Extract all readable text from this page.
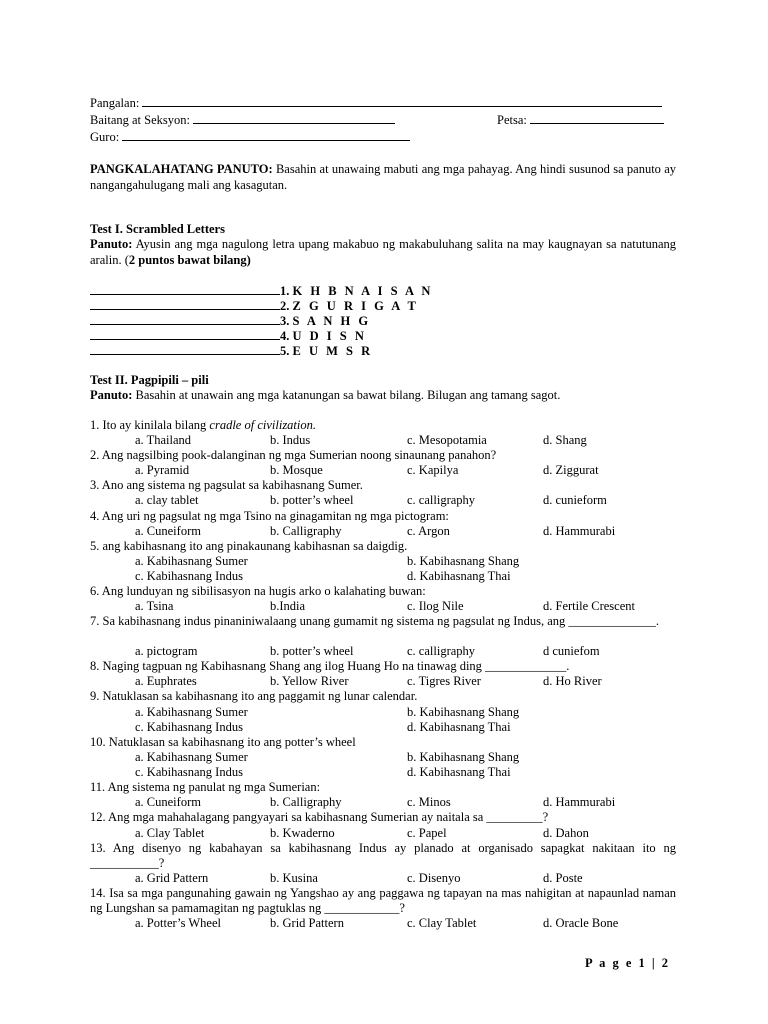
Pangalan:
Baitang at Seksyon:	Petsa:
Guro:
PANGKALAHATANG PANUTO: Basahin at unawaing mabuti ang mga pahayag. Ang hindi susunod sa panuto ay nangangahulugang mali ang kasagutan.
Test I. Scrambled Letters
Panuto: Ayusin ang mga nagulong letra upang makabuo ng makabuluhang salita na may kaugnayan sa natutunang aralin. (2 puntos bawat bilang)
1. K H B N A I S A N
2. Z G U R I G A T
3. S A N H G
4. U D I S N
5. E U M S R
Test II. Pagpipili – pili
Panuto: Basahin at unawain ang mga katanungan sa bawat bilang. Bilugan ang tamang sagot.
1. Ito ay kinilala bilang cradle of civilization.
a. Thailand	b. Indus	c. Mesopotamia	d. Shang
2. Ang nagsilbing pook-dalanginan ng mga Sumerian noong sinaunang panahon?
a. Pyramid	b. Mosque	c. Kapilya	d. Ziggurat
3. Ano ang sistema ng pagsulat sa kabihasnang Sumer.
a. clay tablet	b. potter’s wheel	c. calligraphy	d. cunieform
4. Ang uri ng pagsulat ng mga Tsino na ginagamitan ng mga pictogram:
a. Cuneiform	b. Calligraphy	c. Argon	d. Hammurabi
5. ang kabihasnang ito ang pinakaunang kabihasnan sa daigdig.
a. Kabihasnang Sumer	b. Kabihasnang Shang
c. Kabihasnang Indus	d. Kabihasnang Thai
6. Ang lunduyan ng sibilisasyon na hugis arko o kalahating buwan:
a. Tsina	b.India	c. Ilog Nile	d. Fertile Crescent
7. Sa kabihasnang indus pinaniniwalaang unang gumamit ng sistema ng pagsulat ng Indus, ang ______________.
a. pictogram	b. potter’s wheel	c. calligraphy	d cuniefom
8. Naging tagpuan ng Kabihasnang Shang ang ilog Huang Ho na tinawag ding _____________.
a. Euphrates	b. Yellow River	c. Tigres River	d. Ho River
9. Natuklasan sa kabihasnang ito ang paggamit ng lunar calendar.
a. Kabihasnang Sumer	b. Kabihasnang Shang
c. Kabihasnang Indus	d. Kabihasnang Thai
10. Natuklasan sa kabihasnang ito ang potter’s wheel
a. Kabihasnang Sumer	b. Kabihasnang Shang
c. Kabihasnang Indus	d. Kabihasnang Thai
11. Ang sistema ng panulat ng mga Sumerian:
a. Cuneiform	b. Calligraphy	c. Minos	d. Hammurabi
12. Ang mga mahahalagang pangyayari sa kabihasnang Sumerian ay naitala sa _________?
a. Clay Tablet	b. Kwaderno	c. Papel	d. Dahon
13. Ang disenyo ng kabahayan sa kabihasnang Indus ay planado at organisado sapagkat nakitaan ito ng ___________?
a. Grid Pattern	b. Kusina	c. Disenyo	d. Poste
14. Isa sa mga pangunahing gawain ng Yangshao ay ang paggawa ng tapayan na mas nahigitan at napaunlad naman ng Lungshan sa pamamagitan ng pagtuklas ng ____________?
a. Potter’s Wheel	b. Grid Pattern	c. Clay Tablet	d. Oracle Bone
P a g e 1 | 2
